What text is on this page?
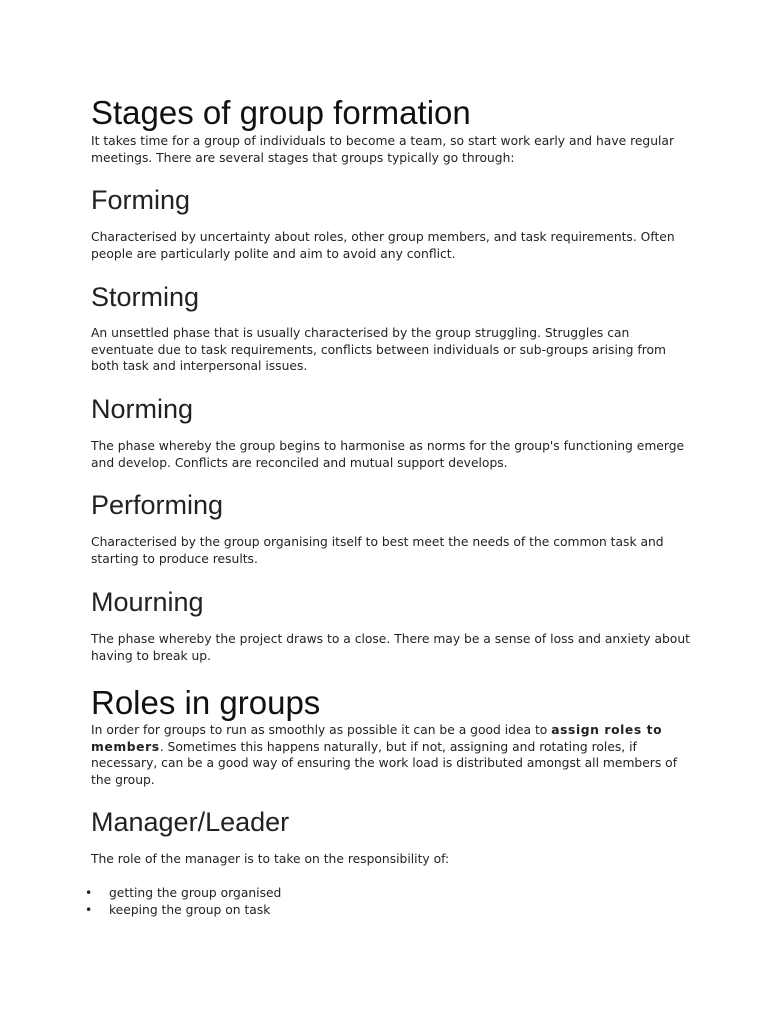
Stages of group formation

It takes time for a group of individuals to become a team, so start work early and have regular meetings. There are several stages that groups typically go through:

Forming

Characterised by uncertainty about roles, other group members, and task requirements. Often people are particularly polite and aim to avoid any conflict.

Storming

An unsettled phase that is usually characterised by the group struggling. Struggles can eventuate due to task requirements, conflicts between individuals or sub-groups arising from both task and interpersonal issues.

Norming

The phase whereby the group begins to harmonise as norms for the group's functioning emerge and develop. Conflicts are reconciled and mutual support develops.

Performing

Characterised by the group organising itself to best meet the needs of the common task and starting to produce results.

Mourning

The phase whereby the project draws to a close. There may be a sense of loss and anxiety about having to break up.

Roles in groups

In order for groups to run as smoothly as possible it can be a good idea to assign roles to members. Sometimes this happens naturally, but if not, assigning and rotating roles, if necessary, can be a good way of ensuring the work load is distributed amongst all members of the group.

Manager/Leader

The role of the manager is to take on the responsibility of:

• getting the group organised
• keeping the group on task
